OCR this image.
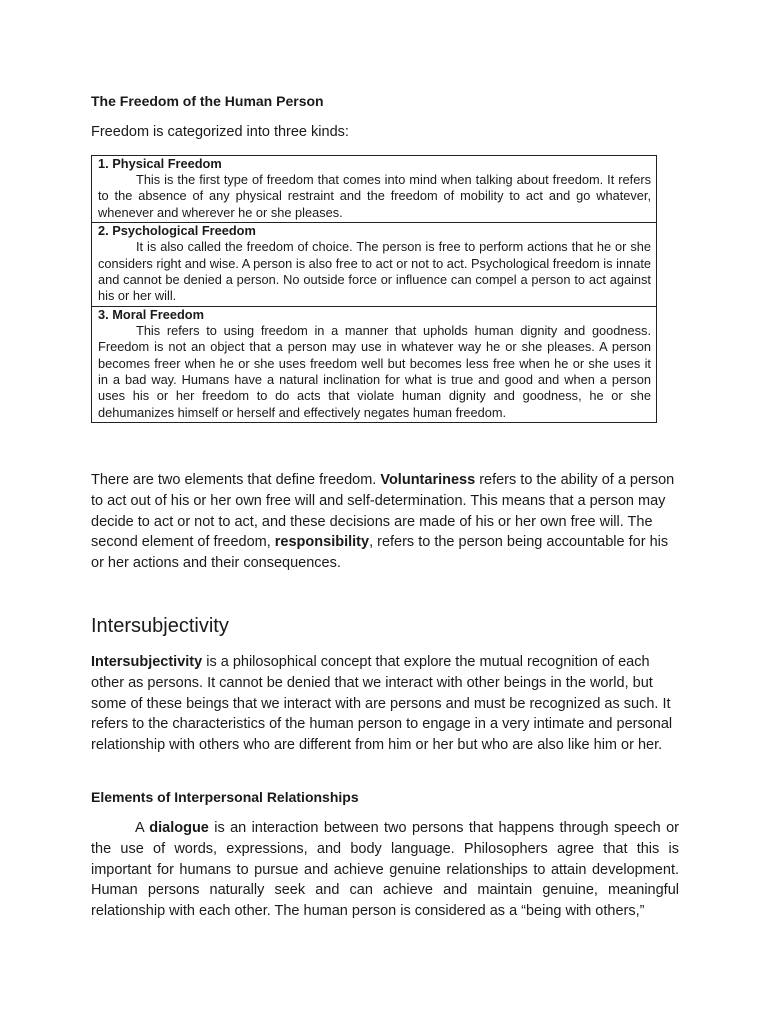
The Freedom of the Human Person

Freedom is categorized into three kinds:

1. Physical Freedom

This is the first type of freedom that comes into mind when talking about freedom. It refers to the absence of any physical restraint and the freedom of mobility to act and go whatever, whenever and wherever he or she pleases.

2. Psychological Freedom

It is also called the freedom of choice. The person is free to perform actions that he or she considers right and wise. A person is also free to act or not to act. Psychological freedom is innate and cannot be denied a person. No outside force or influence can compel a person to act against his or her will.

3. Moral Freedom

This refers to using freedom in a manner that upholds human dignity and goodness. Freedom is not an object that a person may use in whatever way he or she pleases. A person becomes freer when he or she uses freedom well but becomes less free when he or she uses it in a bad way. Humans have a natural inclination for what is true and good and when a person uses his or her freedom to do acts that violate human dignity and goodness, he or she dehumanizes himself or herself and effectively negates human freedom.

There are two elements that define freedom. Voluntariness refers to the ability of a person to act out of his or her own free will and self-determination. This means that a person may decide to act or not to act, and these decisions are made of his or her own free will. The second element of freedom, responsibility, refers to the person being accountable for his or her actions and their consequences.

Intersubjectivity

Intersubjectivity is a philosophical concept that explore the mutual recognition of each other as persons. It cannot be denied that we interact with other beings in the world, but some of these beings that we interact with are persons and must be recognized as such. It refers to the characteristics of the human person to engage in a very intimate and personal relationship with others who are different from him or her but who are also like him or her.

Elements of Interpersonal Relationships

A dialogue is an interaction between two persons that happens through speech or the use of words, expressions, and body language. Philosophers agree that this is important for humans to pursue and achieve genuine relationships to attain development. Human persons naturally seek and can achieve and maintain genuine, meaningful relationship with each other. The human person is considered as a “being with others,”
